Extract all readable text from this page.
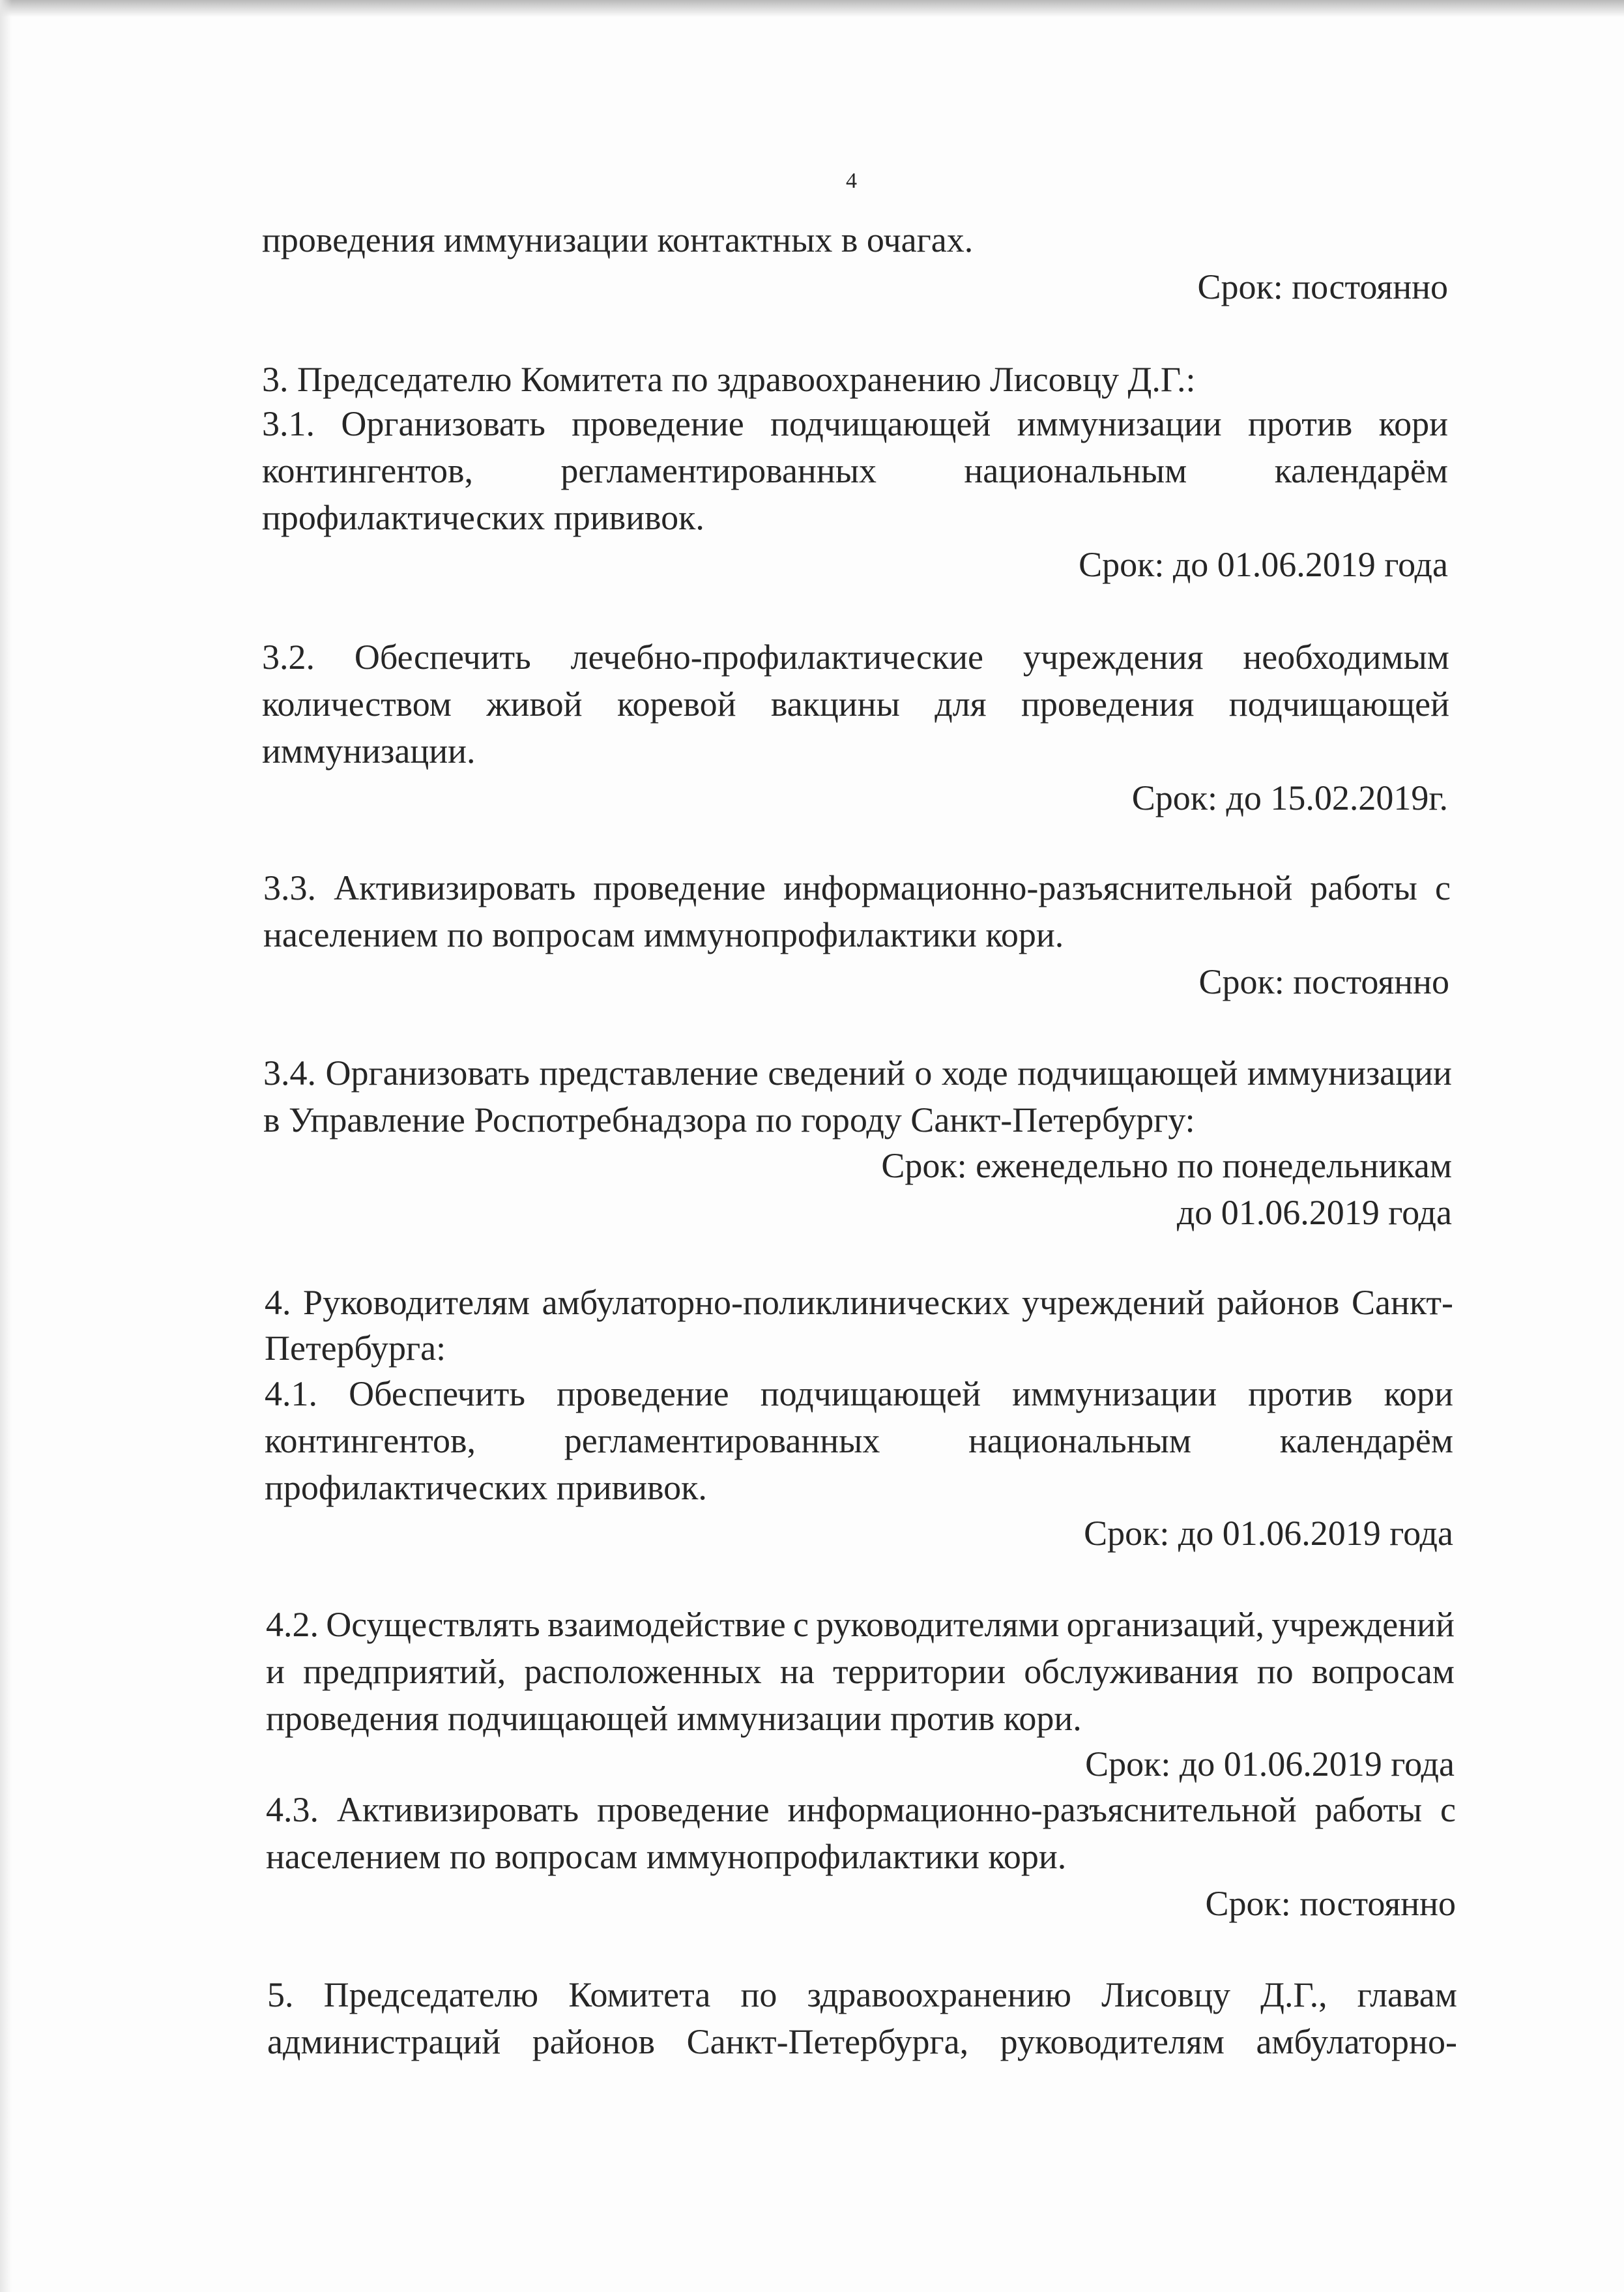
4
проведения иммунизации контактных в очагах.
Срок: постоянно
3. Председателю Комитета по здравоохранению Лисовцу Д.Г.:
3.1. Организовать проведение подчищающей иммунизации против кори
контингентов, регламентированных национальным календарём
профилактических прививок.
Срок: до 01.06.2019 года
3.2. Обеспечить лечебно-профилактические учреждения необходимым
количеством живой коревой вакцины для проведения подчищающей
иммунизации.
Срок: до 15.02.2019г.
3.3. Активизировать проведение информационно-разъяснительной работы с
населением по вопросам иммунопрофилактики кори.
Срок: постоянно
3.4. Организовать представление сведений о ходе подчищающей иммунизации
в Управление Роспотребнадзора по городу Санкт-Петербургу:
Срок: еженедельно по понедельникам
до 01.06.2019 года
4. Руководителям амбулаторно-поликлинических учреждений районов Санкт-
Петербурга:
4.1. Обеспечить проведение подчищающей иммунизации против кори
контингентов,	регламентированных	национальным	календарём
профилактических прививок.
Срок: до 01.06.2019 года
4.2. Осуществлять взаимодействие с руководителями организаций, учреждений
и предприятий, расположенных на территории обслуживания по вопросам
проведения подчищающей иммунизации против кори.
Срок: до 01.06.2019 года
4.3. Активизировать проведение информационно-разъяснительной работы с
населением по вопросам иммунопрофилактики кори.
Срок: постоянно
5. Председателю Комитета по здравоохранению Лисовцу Д.Г., главам
администраций районов Санкт-Петербурга, руководителям амбулаторно-
